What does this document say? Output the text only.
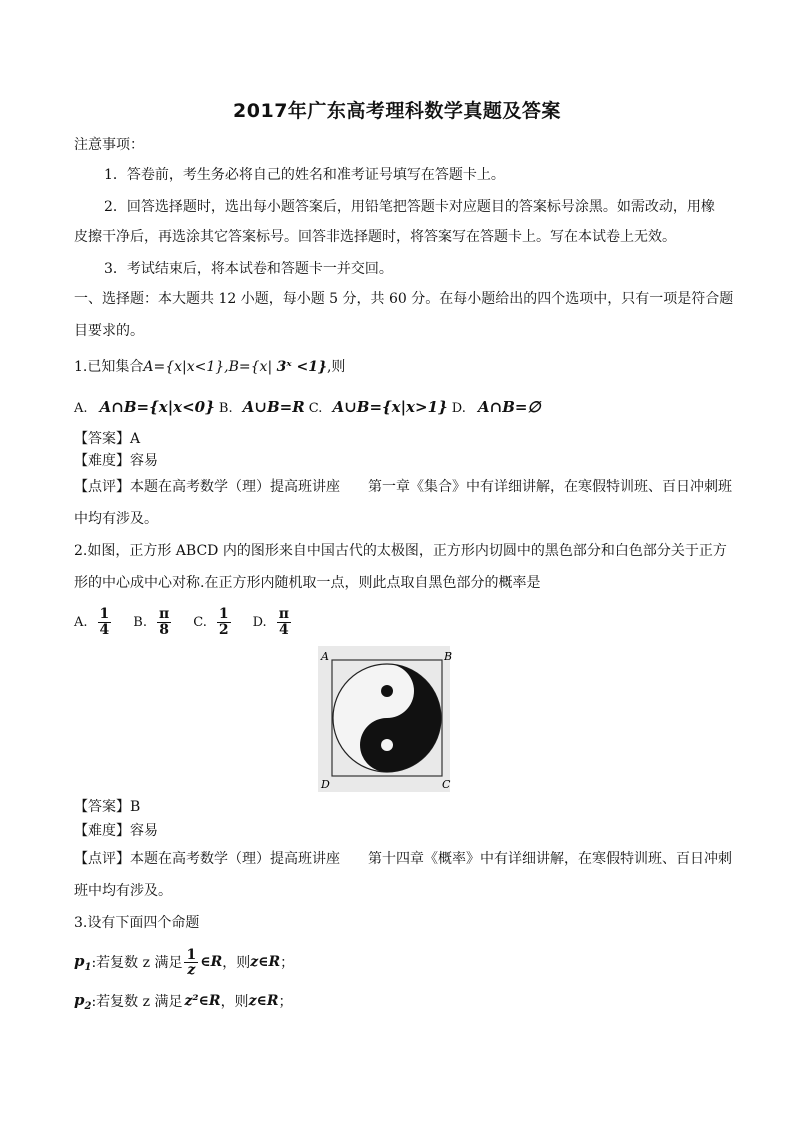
2017年广东高考理科数学真题及答案
注意事项：
1．答卷前，考生务必将自己的姓名和准考证号填写在答题卡上。
2．回答选择题时，选出每小题答案后，用铅笔把答题卡对应题目的答案标号涂黑。如需改动，用橡
皮擦干净后，再选涂其它答案标号。回答非选择题时，将答案写在答题卡上。写在本试卷上无效。
3．考试结束后，将本试卷和答题卡一并交回。
一、选择题：本大题共 12 小题，每小题 5 分，共 60 分。在每小题给出的四个选项中，只有一项是符合题
目要求的。
1.已知集合A={x|x<1},B={x| 3ˣ <1},则
A. A∩B={x|x<0} B. A∪B=R C. A∪B={x|x>1} D. A∩B=∅
【答案】A
【难度】容易
【点评】本题在高考数学（理）提高班讲座　　第一章《集合》中有详细讲解，在寒假特训班、百日冲刺班
中均有涉及。
2.如图，正方形 ABCD 内的图形来自中国古代的太极图，正方形内切圆中的黑色部分和白色部分关于正方
形的中心成中心对称.在正方形内随机取一点，则此点取自黑色部分的概率是
A. $\frac{1}{4} B$. $\frac{\pi}{8} C$. $\frac{1}{2} D$. $\frac{\pi}{4}$
A	B
C
D
【答案】B
【难度】容易
【点评】本题在高考数学（理）提高班讲座　　第十四章《概率》中有详细讲解，在寒假特训班、百日冲刺
班中均有涉及。
3.设有下面四个命题
$p_1$ :若复数 z 满足 $\frac{1}{z}$ ∈R ，则 z∈R ；
$p_2$ :若复数 z 满足 z²∈R ，则 z∈R ；
